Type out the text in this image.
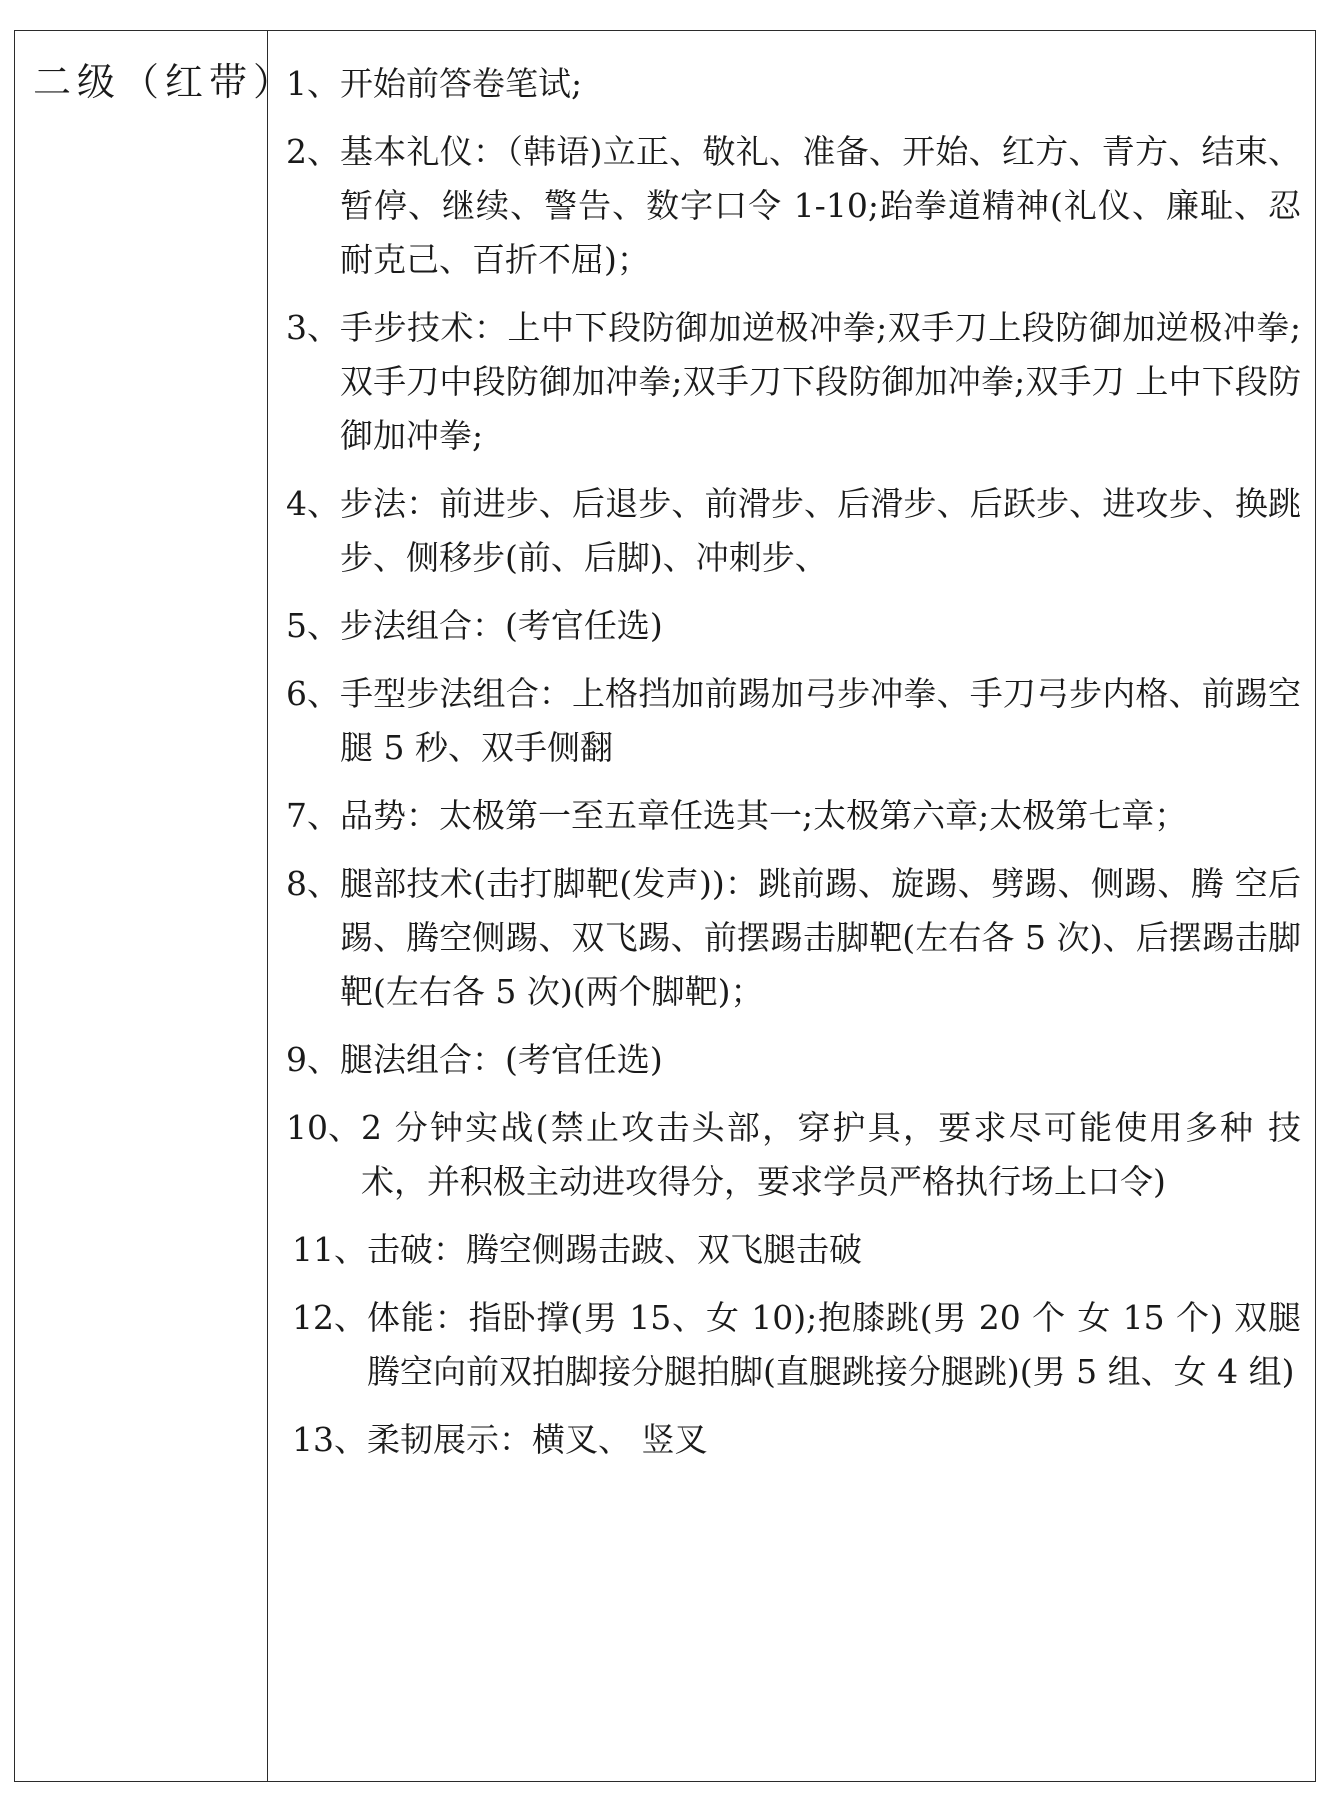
二级（红带）
1、 开始前答卷笔试;
2、 基本礼仪：（韩语)立正、敬礼、准备、开始、红方、青方、结束、暂停、继续、警告、数字口令 1-10;跆拳道精神(礼仪、廉耻、忍耐克己、百折不屈)；
3、 手步技术：上中下段防御加逆极冲拳;双手刀上段防御加逆极冲拳;双手刀中段防御加冲拳;双手刀下段防御加冲拳;双手刀 上中下段防御加冲拳;
4、 步法：前进步、后退步、前滑步、后滑步、后跃步、进攻步、换跳步、侧移步(前、后脚)、冲刺步、
5、 步法组合：(考官任选)
6、 手型步法组合：上格挡加前踢加弓步冲拳、手刀弓步内格、前踢空腿 5 秒、双手侧翻
7、 品势：太极第一至五章任选其一;太极第六章;太极第七章；
8、 腿部技术(击打脚靶(发声))：跳前踢、旋踢、劈踢、侧踢、腾 空后踢、腾空侧踢、双飞踢、前摆踢击脚靶(左右各 5 次)、后摆踢击脚靶(左右各 5 次)(两个脚靶)；
9、 腿法组合：(考官任选)
10、 2 分钟实战(禁止攻击头部，穿护具，要求尽可能使用多种 技术，并积极主动进攻得分，要求学员严格执行场上口令)
11、 击破：腾空侧踢击跛、双飞腿击破
12、 体能：指卧撑(男 15、女 10);抱膝跳(男 20 个 女 15 个) 双腿腾空向前双拍脚接分腿拍脚(直腿跳接分腿跳)(男 5 组、女 4 组)
13、 柔韧展示：横叉、 竖叉
